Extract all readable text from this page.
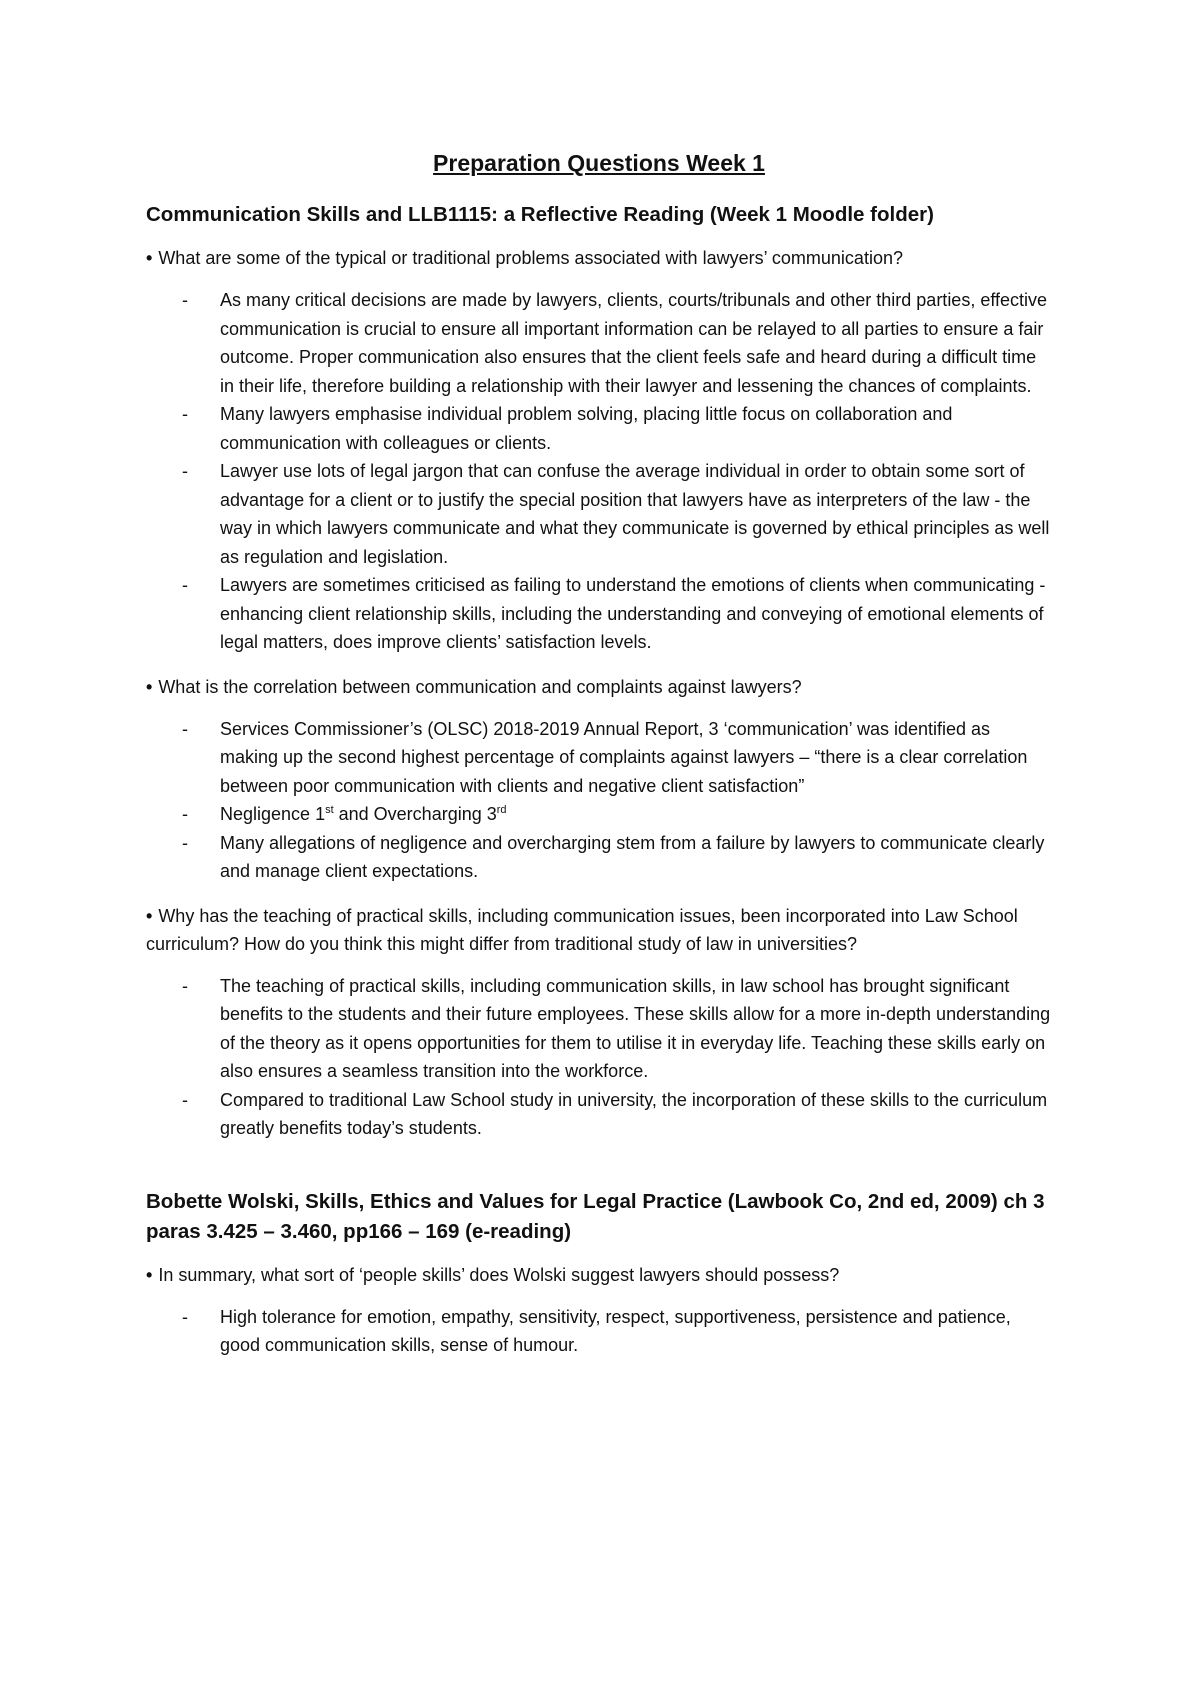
Preparation Questions Week 1
Communication Skills and LLB1115: a Reflective Reading (Week 1 Moodle folder)
• What are some of the typical or traditional problems associated with lawyers’ communication?
- As many critical decisions are made by lawyers, clients, courts/tribunals and other third parties, effective communication is crucial to ensure all important information can be relayed to all parties to ensure a fair outcome. Proper communication also ensures that the client feels safe and heard during a difficult time in their life, therefore building a relationship with their lawyer and lessening the chances of complaints.
- Many lawyers emphasise individual problem solving, placing little focus on collaboration and communication with colleagues or clients.
- Lawyer use lots of legal jargon that can confuse the average individual in order to obtain some sort of advantage for a client or to justify the special position that lawyers have as interpreters of the law - the way in which lawyers communicate and what they communicate is governed by ethical principles as well as regulation and legislation.
- Lawyers are sometimes criticised as failing to understand the emotions of clients when communicating - enhancing client relationship skills, including the understanding and conveying of emotional elements of legal matters, does improve clients’ satisfaction levels.
• What is the correlation between communication and complaints against lawyers?
- Services Commissioner’s (OLSC) 2018-2019 Annual Report, 3 ‘communication’ was identified as making up the second highest percentage of complaints against lawyers – “there is a clear correlation between poor communication with clients and negative client satisfaction”
- Negligence 1st and Overcharging 3rd
- Many allegations of negligence and overcharging stem from a failure by lawyers to communicate clearly and manage client expectations.
• Why has the teaching of practical skills, including communication issues, been incorporated into Law School curriculum? How do you think this might differ from traditional study of law in universities?
- The teaching of practical skills, including communication skills, in law school has brought significant benefits to the students and their future employees. These skills allow for a more in-depth understanding of the theory as it opens opportunities for them to utilise it in everyday life. Teaching these skills early on also ensures a seamless transition into the workforce.
- Compared to traditional Law School study in university, the incorporation of these skills to the curriculum greatly benefits today’s students.
Bobette Wolski, Skills, Ethics and Values for Legal Practice (Lawbook Co, 2nd ed, 2009) ch 3 paras 3.425 – 3.460, pp166 – 169 (e-reading)
• In summary, what sort of ‘people skills’ does Wolski suggest lawyers should possess?
- High tolerance for emotion, empathy, sensitivity, respect, supportiveness, persistence and patience, good communication skills, sense of humour.
